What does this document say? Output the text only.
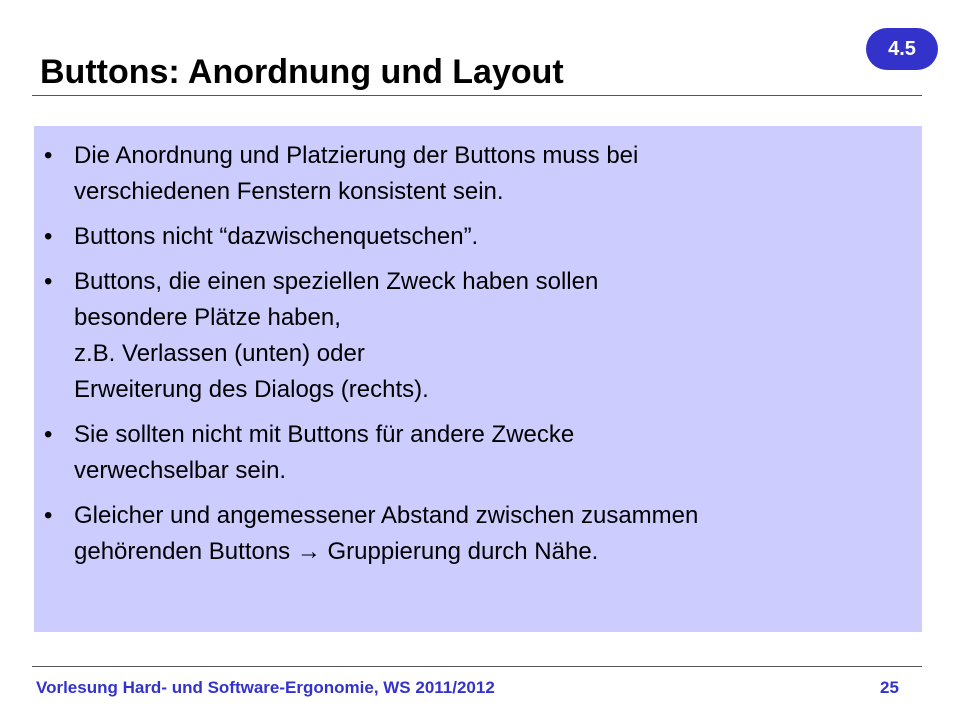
Buttons: Anordnung und Layout
4.5
• Die Anordnung und Platzierung der Buttons muss bei
verschiedenen Fenstern konsistent sein.
• Buttons nicht “dazwischenquetschen”.
• Buttons, die einen speziellen Zweck haben sollen
besondere Plätze haben,
z.B. Verlassen (unten) oder
Erweiterung des Dialogs (rechts).
• Sie sollten nicht mit Buttons für andere Zwecke
verwechselbar sein.
• Gleicher und angemessener Abstand zwischen zusammen
gehörenden Buttons → Gruppierung durch Nähe.
Vorlesung Hard- und Software-Ergonomie, WS 2011/2012	25
